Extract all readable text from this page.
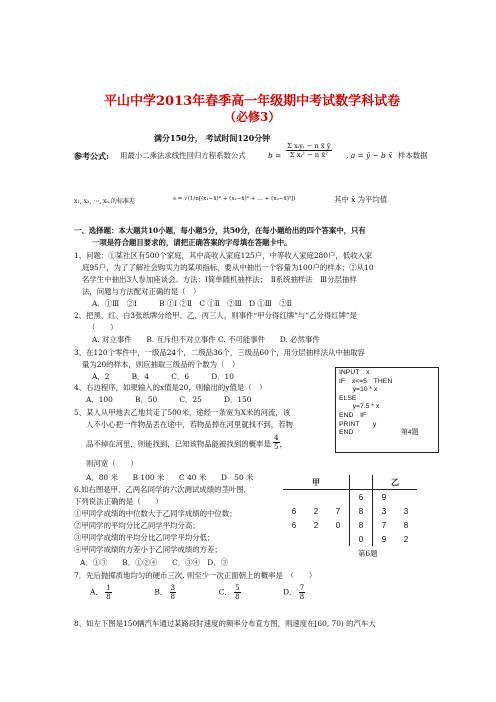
平山中学2013年春季高一年级期中考试数学科试卷
（必修3）
满分150分， 考试时间120分钟
参考公式: 用最小二乘法求线性回归方程系数公式	$b = \frac{\text{Σ xᵢyᵢ − n x̄ ȳ}}{\text{Σ xᵢ² − n x̄²}}$ , a = ȳ − b x̄ 样本数据
x₁, x₂, ⋯, xₙ 的标准差	s = √(1/n[(x₁−x̄)² + (x₂−x̄)² + … + (xₙ−x̄)²])	其中 x̄ 为平均值
一、选择题：本大题共10小题，每小题5分，共50分，在每小题给出的四个答案中，只有
一项是符合题目要求的，请把正确答案的字母填在答题卡中。
1、问题：①某社区有500个家庭，其中高收入家庭125户，中等收入家庭280户，低收入家
庭95户，为了了解社会购买力的某项指标，要从中抽出一个容量为100户的样本；②从10
名学生中抽出3人参加座谈会。方法：Ⅰ简单随机抽样法；　Ⅱ系统抽样法　Ⅲ分层抽样
法，问题与方法配对正确的是（　）
A．①Ⅲ　②Ⅰ　　　B ①Ⅰ ②Ⅱ　C ①Ⅱ　②Ⅲ　D ①Ⅲ　②Ⅱ
2、把黑、红、白3张纸牌分给甲、乙、丙三人，则事件“甲分得红牌”与“乙分得红牌”是
（　　）
A. 对立事件　　B. 互斥但不对立事件 C. 不可能事件　　D. 必然事件
3、在120个零件中，一级品24个，二级品36个，三级品60个，用分层抽样法从中抽取容
量为20的样本，则应抽取三级品的个数为（　）
A．2　　　B．4　　　C．6　　　D．10
4、右边程序，如果输入的x值是20，则输出的y值是（　）
A．100　　　B．50　　　C．25　　　D．150
INPUT　x
IF　x<=5　THEN
　　y=10 * x
ELSE
　　y=7.5 * x
END　IF
PRINT　　y
END	第4题
5、某人从甲地去乙地共走了500米，途经一条宽为X米的河流，该
人不小心把一件物品丢在途中，若物品掉在河里就找不到，若物
品不掉在河里，则能找到，已知该物品能被找到的概率是 $\frac{4}{5}$ ，
则河宽（　　）
A．80 米　　B 100 米　　C 40 米　　D　50 米
6.如右图是甲、乙两名同学的六次测试成绩的茎叶图,
下列说法正确的是（　　）
①甲同学成绩的中位数大于乙同学成绩的中位数；
②甲同学的平均分比乙同学平均分高；
③甲同学成绩的平均分比乙同学平均分低；
④甲同学成绩的方差小于乙同学成绩的方差；
A．①③　　B．①②④　　C．③④　D．③
甲				乙	
			6	9	
6	2	7	8	3	3
6	2	0	8	7	8
			0	9	2
第6题
7．先后抛掷质地均匀的硬币三次, 则至少一次正面朝上的概率是　（　　）
A． $\frac{1}{8}$	B． $\frac{3}{8}$	C． $\frac{5}{8}$	D． $\frac{7}{8}$
8、如左下图是150辆汽车通过某路段时速度的频率分布直方图，则速度在[60, 70) 的汽车大
